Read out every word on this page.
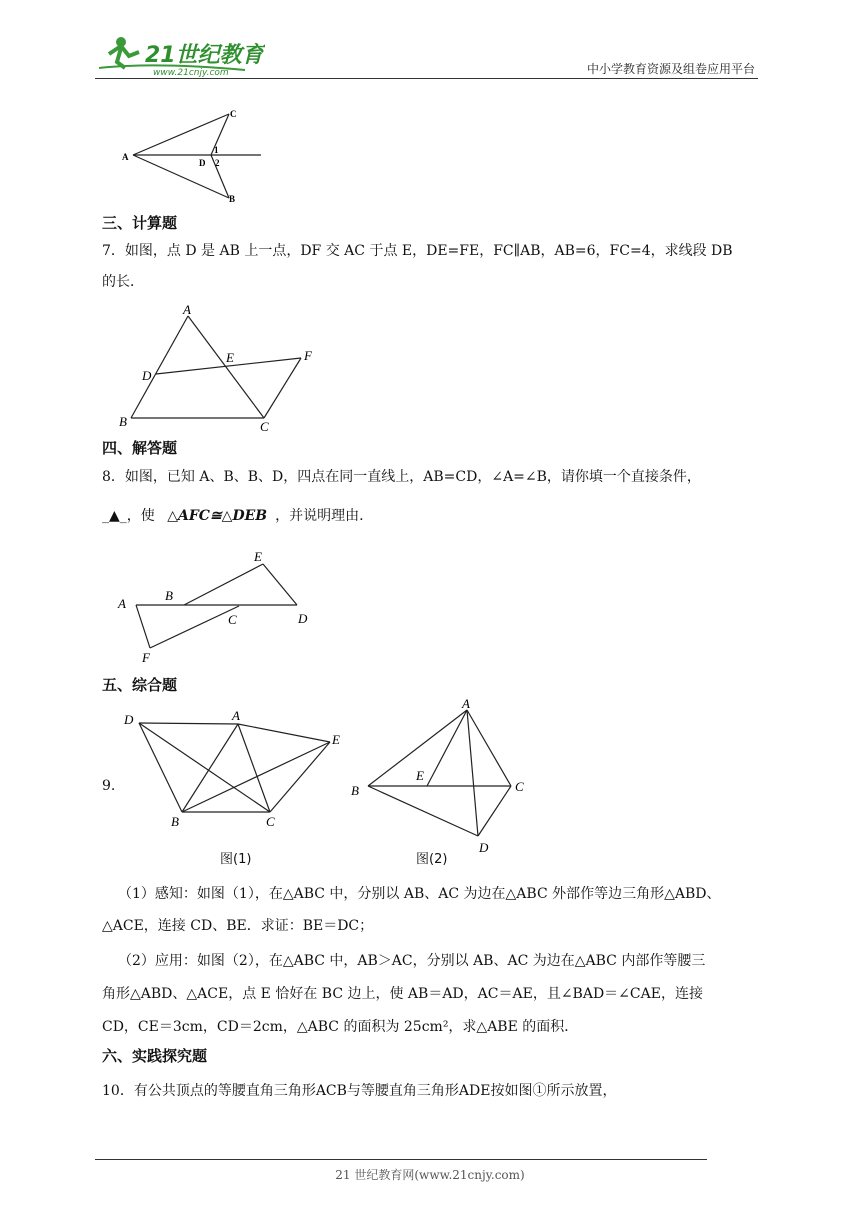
21世纪教育
www.21cnjy.com	中小学教育资源及组卷应用平台
A
C
D
1
2
B
三、计算题
7．如图，点 D 是 AB 上一点，DF 交 AC 于点 E，DE=FE，FC∥AB，AB=6，FC=4，求线段 DB
的长．
A
D
E	F
B	C
四、解答题
8．如图，已知 A、B、B、D，四点在同一直线上，AB=CD，∠A=∠B，请你填一个直接条件，
_▲_，使 △AFC≅△DEB ，并说明理由.
A
B
E
C	D
F
五、综合题
9.
D	A
E
B	C
图(1)
A
E
B	C
D
图(2)
（1）感知：如图（1），在△ABC 中，分别以 AB、AC 为边在△ABC 外部作等边三角形△ABD、
△ACE，连接 CD、BE．求证：BE＝DC；
（2）应用：如图（2），在△ABC 中，AB＞AC，分别以 AB、AC 为边在△ABC 内部作等腰三
角形△ABD、△ACE，点 E 恰好在 BC 边上，使 AB＝AD，AC＝AE，且∠BAD＝∠CAE，连接
CD，CE＝3cm，CD＝2cm，△ABC 的面积为 25cm²，求△ABE 的面积．
六、实践探究题
10．有公共顶点的等腰直角三角形ACB与等腰直角三角形ADE按如图①所示放置，
21 世纪教育网(www.21cnjy.com)
